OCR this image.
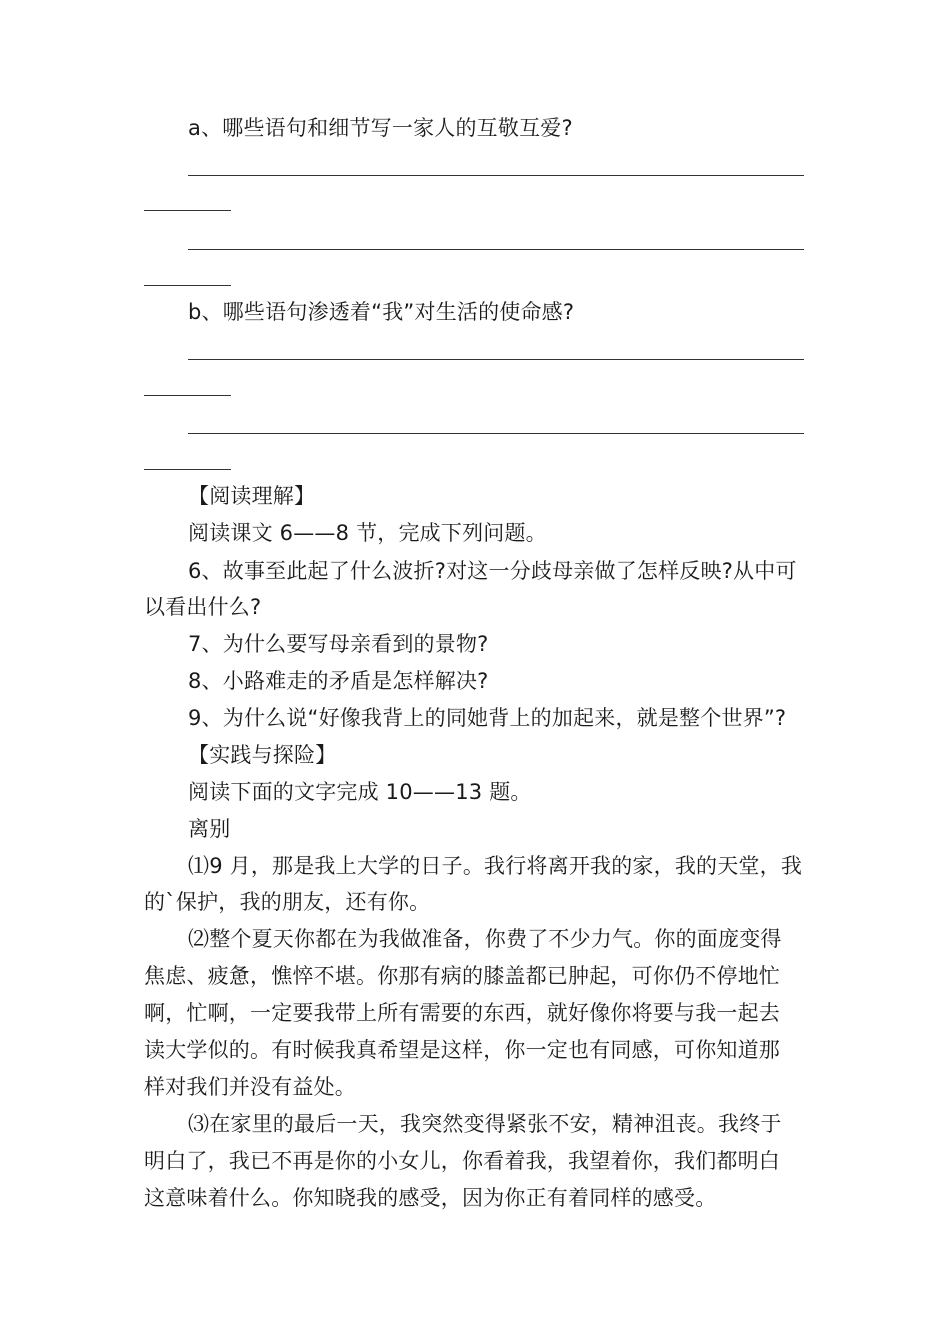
a、哪些语句和细节写一家人的互敬互爱?
b、哪些语句渗透着“我”对生活的使命感?
【阅读理解】
阅读课文 6——8 节，完成下列问题。
6、故事至此起了什么波折?对这一分歧母亲做了怎样反映?从中可
以看出什么?
7、为什么要写母亲看到的景物?
8、小路难走的矛盾是怎样解决?
9、为什么说“好像我背上的同她背上的加起来，就是整个世界”?
【实践与探险】
阅读下面的文字完成 10——13 题。
离别
⑴9 月，那是我上大学的日子。我行将离开我的家，我的天堂，我
的`保护，我的朋友，还有你。
⑵整个夏天你都在为我做准备，你费了不少力气。你的面庞变得
焦虑、疲惫，憔悴不堪。你那有病的膝盖都已肿起，可你仍不停地忙
啊，忙啊，一定要我带上所有需要的东西，就好像你将要与我一起去
读大学似的。有时候我真希望是这样，你一定也有同感，可你知道那
样对我们并没有益处。
⑶在家里的最后一天，我突然变得紧张不安，精神沮丧。我终于
明白了，我已不再是你的小女儿，你看着我，我望着你，我们都明白
这意味着什么。你知晓我的感受，因为你正有着同样的感受。
